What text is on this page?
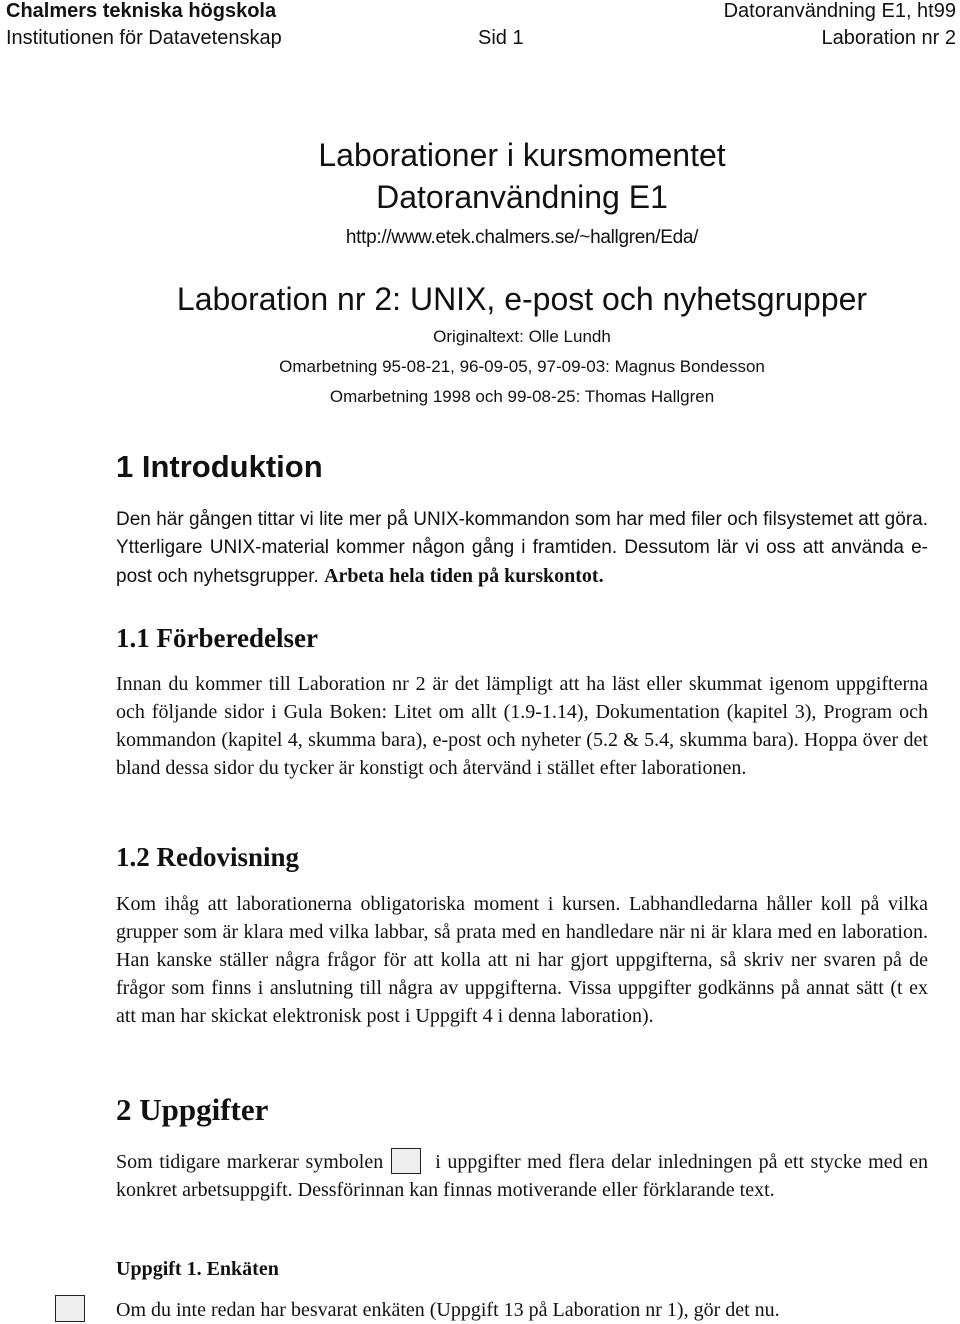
Chalmers tekniska högskola	Datoranvändning E1, ht99
Institutionen för Datavetenskap	Sid 1	Laboration nr 2
Laborationer i kursmomentet
Datoranvändning E1
http://www.etek.chalmers.se/~hallgren/Eda/
Laboration nr 2: UNIX, e-post och nyhetsgrupper
Originaltext: Olle Lundh
Omarbetning 95-08-21, 96-09-05, 97-09-03: Magnus Bondesson
Omarbetning 1998 och 99-08-25: Thomas Hallgren
1 Introduktion

Den här gången tittar vi lite mer på UNIX-kommandon som har med filer och filsystemet att göra. Ytterligare UNIX-material kommer någon gång i framtiden. Dessutom lär vi oss att använda e-post och nyhetsgrupper. Arbeta hela tiden på kurskontot.

1.1 Förberedelser

Innan du kommer till Laboration nr 2 är det lämpligt att ha läst eller skummat igenom uppgifterna och följande sidor i Gula Boken: Litet om allt (1.9-1.14), Dokumentation (kapitel 3), Program och kommandon (kapitel 4, skumma bara), e-post och nyheter (5.2 & 5.4, skumma bara). Hoppa över det bland dessa sidor du tycker är konstigt och återvänd i stället efter laborationen.

1.2 Redovisning

Kom ihåg att laborationerna obligatoriska moment i kursen. Labhandledarna håller koll på vilka grupper som är klara med vilka labbar, så prata med en handledare när ni är klara med en laboration. Han kanske ställer några frågor för att kolla att ni har gjort uppgifterna, så skriv ner svaren på de frågor som finns i anslutning till några av uppgifterna. Vissa uppgifter godkänns på annat sätt (t ex att man har skickat elektronisk post i Uppgift 4 i denna laboration).

2 Uppgifter

Som tidigare markerar symbolen	i uppgifter med flera delar inledningen på ett stycke med en konkret arbetsuppgift. Dessförinnan kan finnas motiverande eller förklarande text.

Uppgift 1. Enkäten
Om du inte redan har besvarat enkäten (Uppgift 13 på Laboration nr 1), gör det nu.
